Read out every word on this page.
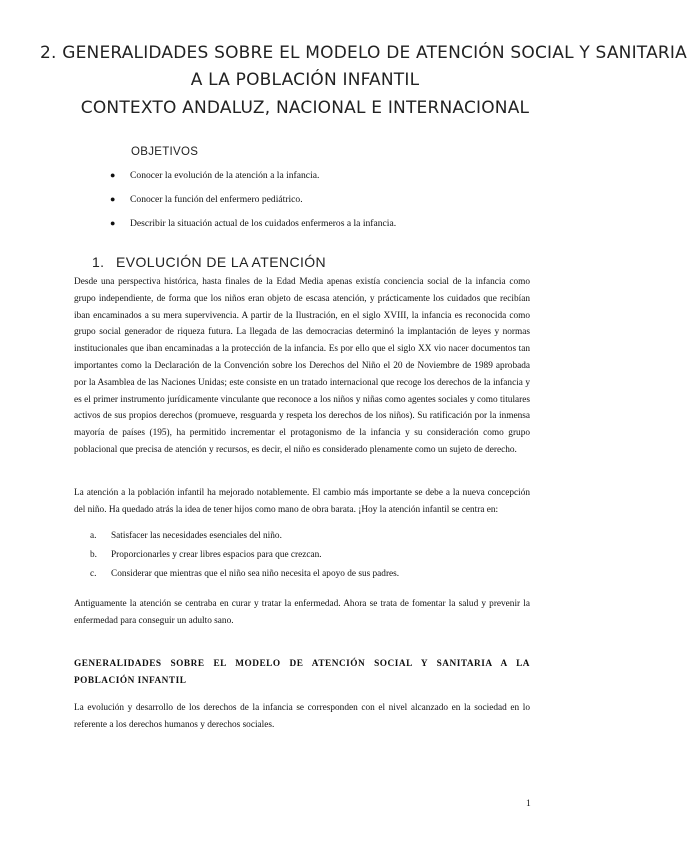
2. GENERALIDADES SOBRE EL MODELO DE ATENCIÓN SOCIAL Y SANITARIA
A LA POBLACIÓN INFANTIL
CONTEXTO ANDALUZ, NACIONAL E INTERNACIONAL
OBJETIVOS
● Conocer la evolución de la atención a la infancia.
● Conocer la función del enfermero pediátrico.
● Describir la situación actual de los cuidados enfermeros a la infancia.
1. EVOLUCIÓN DE LA ATENCIÓN
Desde una perspectiva histórica, hasta finales de la Edad Media apenas existía conciencia social de la infancia como grupo independiente, de forma que los niños eran objeto de escasa atención, y prácticamente los cuidados que recibían iban encaminados a su mera supervivencia. A partir de la Ilustración, en el siglo XVIII, la infancia es reconocida como grupo social generador de riqueza futura. La llegada de las democracias determinó la implantación de leyes y normas institucionales que iban encaminadas a la protección de la infancia. Es por ello que el siglo XX vio nacer documentos tan importantes como la Declaración de la Convención sobre los Derechos del Niño el 20 de Noviembre de 1989 aprobada por la Asamblea de las Naciones Unidas; este consiste en un tratado internacional que recoge los derechos de la infancia y es el primer instrumento jurídicamente vinculante que reconoce a los niños y niñas como agentes sociales y como titulares activos de sus propios derechos (promueve, resguarda y respeta los derechos de los niños). Su ratificación por la inmensa mayoría de países (195), ha permitido incrementar el protagonismo de la infancia y su consideración como grupo poblacional que precisa de atención y recursos, es decir, el niño es considerado plenamente como un sujeto de derecho.
La atención a la población infantil ha mejorado notablemente. El cambio más importante se debe a la nueva concepción del niño. Ha quedado atrás la idea de tener hijos como mano de obra barata. ¡Hoy la atención infantil se centra en:
a. Satisfacer las necesidades esenciales del niño.
b. Proporcionarles y crear libres espacios para que crezcan.
c. Considerar que mientras que el niño sea niño necesita el apoyo de sus padres.
Antiguamente la atención se centraba en curar y tratar la enfermedad. Ahora se trata de fomentar la salud y prevenir la enfermedad para conseguir un adulto sano.
GENERALIDADES SOBRE EL MODELO DE ATENCIÓN SOCIAL Y SANITARIA A LA POBLACIÓN INFANTIL
La evolución y desarrollo de los derechos de la infancia se corresponden con el nivel alcanzado en la sociedad en lo referente a los derechos humanos y derechos sociales.
1
